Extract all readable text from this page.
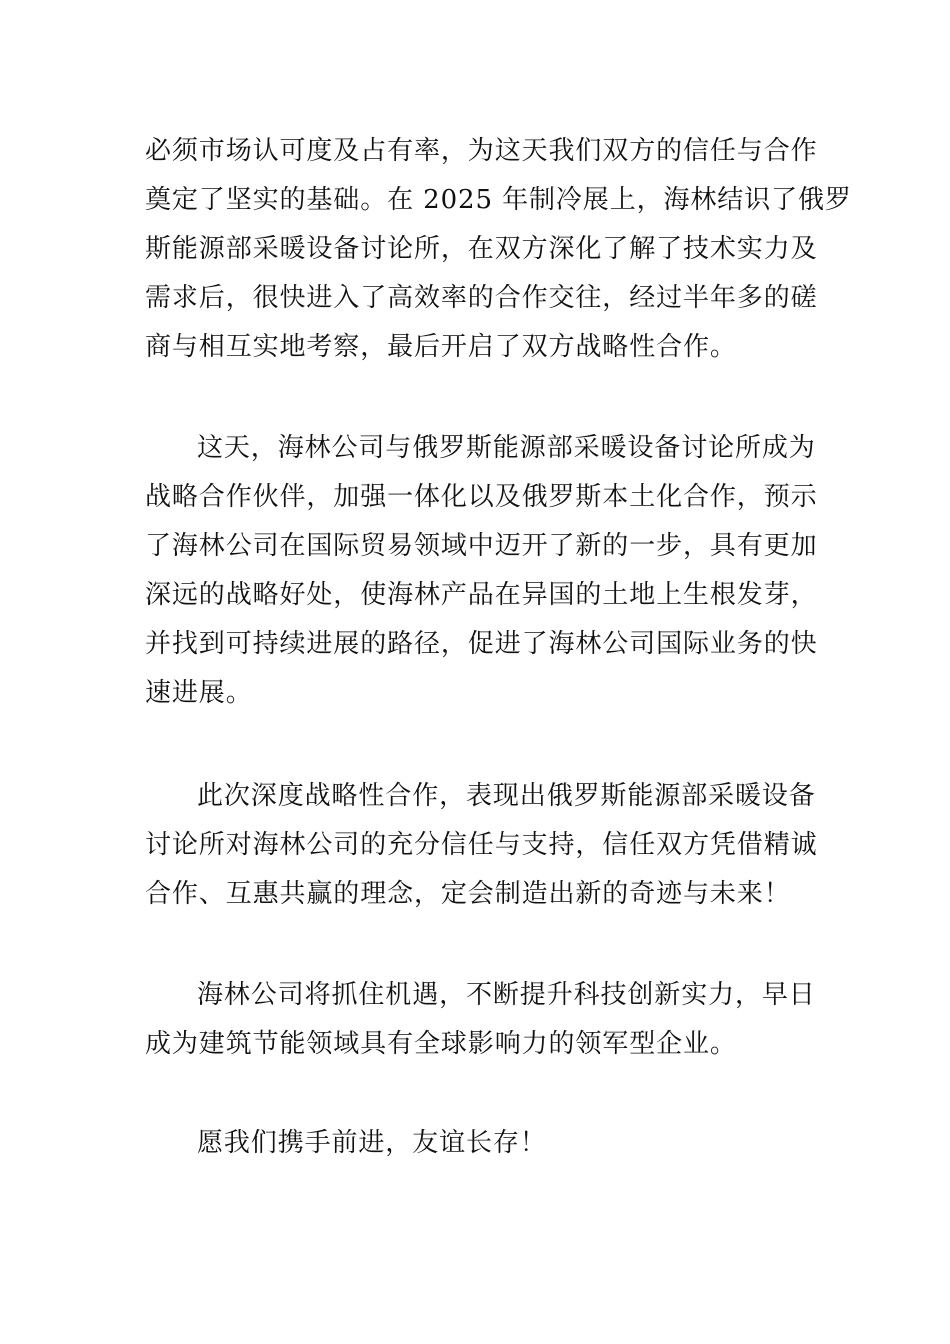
必须市场认可度及占有率，为这天我们双方的信任与合作
奠定了坚实的基础。在 2025 年制冷展上，海林结识了俄罗
斯能源部采暖设备讨论所，在双方深化了解了技术实力及
需求后，很快进入了高效率的合作交往，经过半年多的磋
商与相互实地考察，最后开启了双方战略性合作。
这天，海林公司与俄罗斯能源部采暖设备讨论所成为
战略合作伙伴，加强一体化以及俄罗斯本土化合作，预示
了海林公司在国际贸易领域中迈开了新的一步，具有更加
深远的战略好处，使海林产品在异国的土地上生根发芽，
并找到可持续进展的路径，促进了海林公司国际业务的快
速进展。
此次深度战略性合作，表现出俄罗斯能源部采暖设备
讨论所对海林公司的充分信任与支持，信任双方凭借精诚
合作、互惠共赢的理念，定会制造出新的奇迹与未来！
海林公司将抓住机遇，不断提升科技创新实力，早日
成为建筑节能领域具有全球影响力的领军型企业。
愿我们携手前进，友谊长存！
